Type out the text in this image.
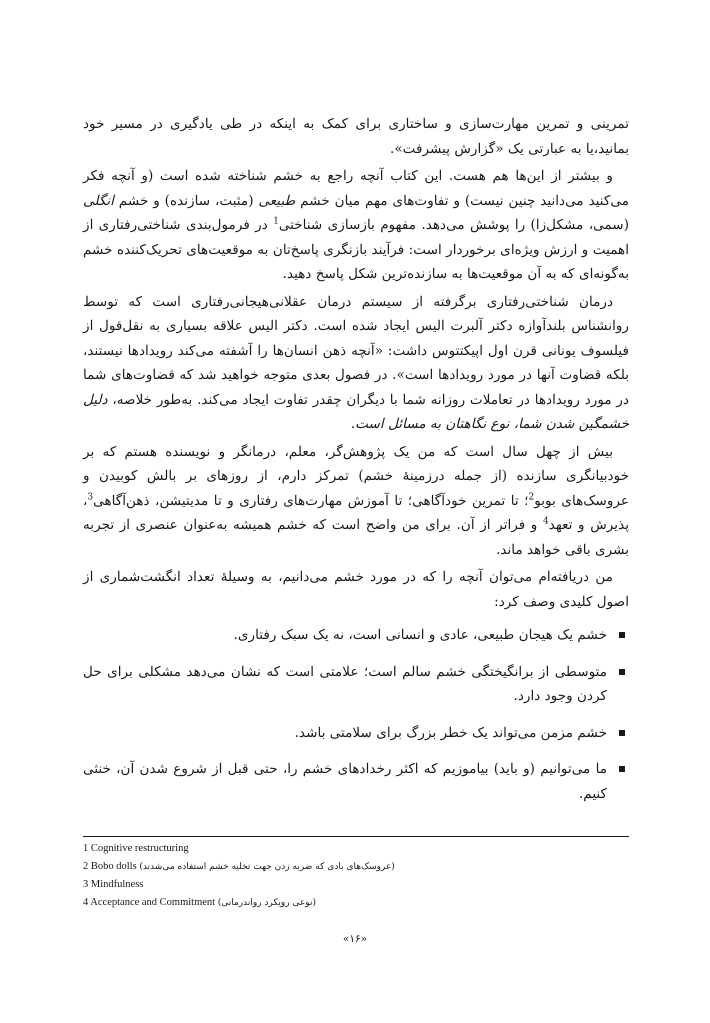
تمرینی و تمرین مهارت‌سازی و ساختاری برای کمک به اینکه در طی یادگیری در مسیر خود بمانید،یا به عبارتی یک «گزارش پیشرفت».

و بیشتر از این‌ها هم هست. این کتاب آنچه راجع به خشم شناخته شده است (و آنچه فکر می‌کنید می‌دانید چنین نیست) و تفاوت‌های مهم میان خشم طبیعی (مثبت، سازنده) و خشم انگلی (سمی، مشکل‌زا) را پوشش می‌دهد. مفهوم بازسازی شناختی$^1$ در فرمول‌بندی شناختی‌رفتاری از اهمیت و ارزش ویژه‌ای برخوردار است: فرآیند بازنگری پاسخ‌تان به موقعیت‌های تحریک‌کننده خشم به‌گونه‌ای که به آن موقعیت‌ها به سازنده‌ترین شکل پاسخ دهید.

درمان شناختی‌رفتاری برگرفته از سیستم درمان عقلانی‌هیجانی‌رفتاری است که توسط روانشناس بلندآوازه دکتر آلبرت الیس ایجاد شده است. دکتر الیس علاقه بسیاری به نقل‌قول از فیلسوف یونانی قرن اول اپیکتتوس داشت: «آنچه ذهن انسان‌ها را آشفته می‌کند رویدادها نیستند، بلکه قضاوت آنها در مورد رویدادها است». در فصول بعدی متوجه خواهید شد که قضاوت‌های شما در مورد رویدادها در تعاملات روزانه شما با دیگران چقدر تفاوت ایجاد می‌کند. به‌طور خلاصه، دلیل خشمگین شدن شما، نوع نگاهتان به مسائل است.

بیش از چهل سال است که من یک پژوهش‌گر، معلم، درمانگر و نویسنده هستم که بر خودبیانگری سازنده (از جمله درزمینهٔ خشم) تمرکز دارم، از روزهای بر بالش کوبیدن و عروسک‌های بوبو$^2$؛ تا تمرین خودآگاهی؛ تا آموزش مهارت‌های رفتاری و تا مدیتیشن، ذهن‌آگاهی$^3$، پذیرش و تعهد$^4$ و فراتر از آن. برای من واضح است که خشم همیشه به‌عنوان عنصری از تجربه بشری باقی خواهد ماند.

من دریافته‌ام می‌توان آنچه را که در مورد خشم می‌دانیم، به وسیلهٔ تعداد انگشت‌شماری از اصول کلیدی وصف کرد:

خشم یک هیجان طبیعی، عادی و انسانی است، نه یک سبک رفتاری.
متوسطی از برانگیختگی خشم سالم است؛ علامتی است که نشان می‌دهد مشکلی برای حل کردن وجود دارد.
خشم مزمن می‌تواند یک خطر بزرگ برای سلامتی باشد.
ما می‌توانیم (و باید) بیاموزیم که اکثر رخدادهای خشم را، حتی قبل از شروع شدن آن، خنثی کنیم.
1 Cognitive restructuring
2 Bobo dolls (عروسک‌های بادی که ضربه زدن جهت تخلیه خشم استفاده می‌شدند)
3 Mindfulness
4 Acceptance and Commitment (نوعی رویکرد رواندرمانی)
«۱۶»
